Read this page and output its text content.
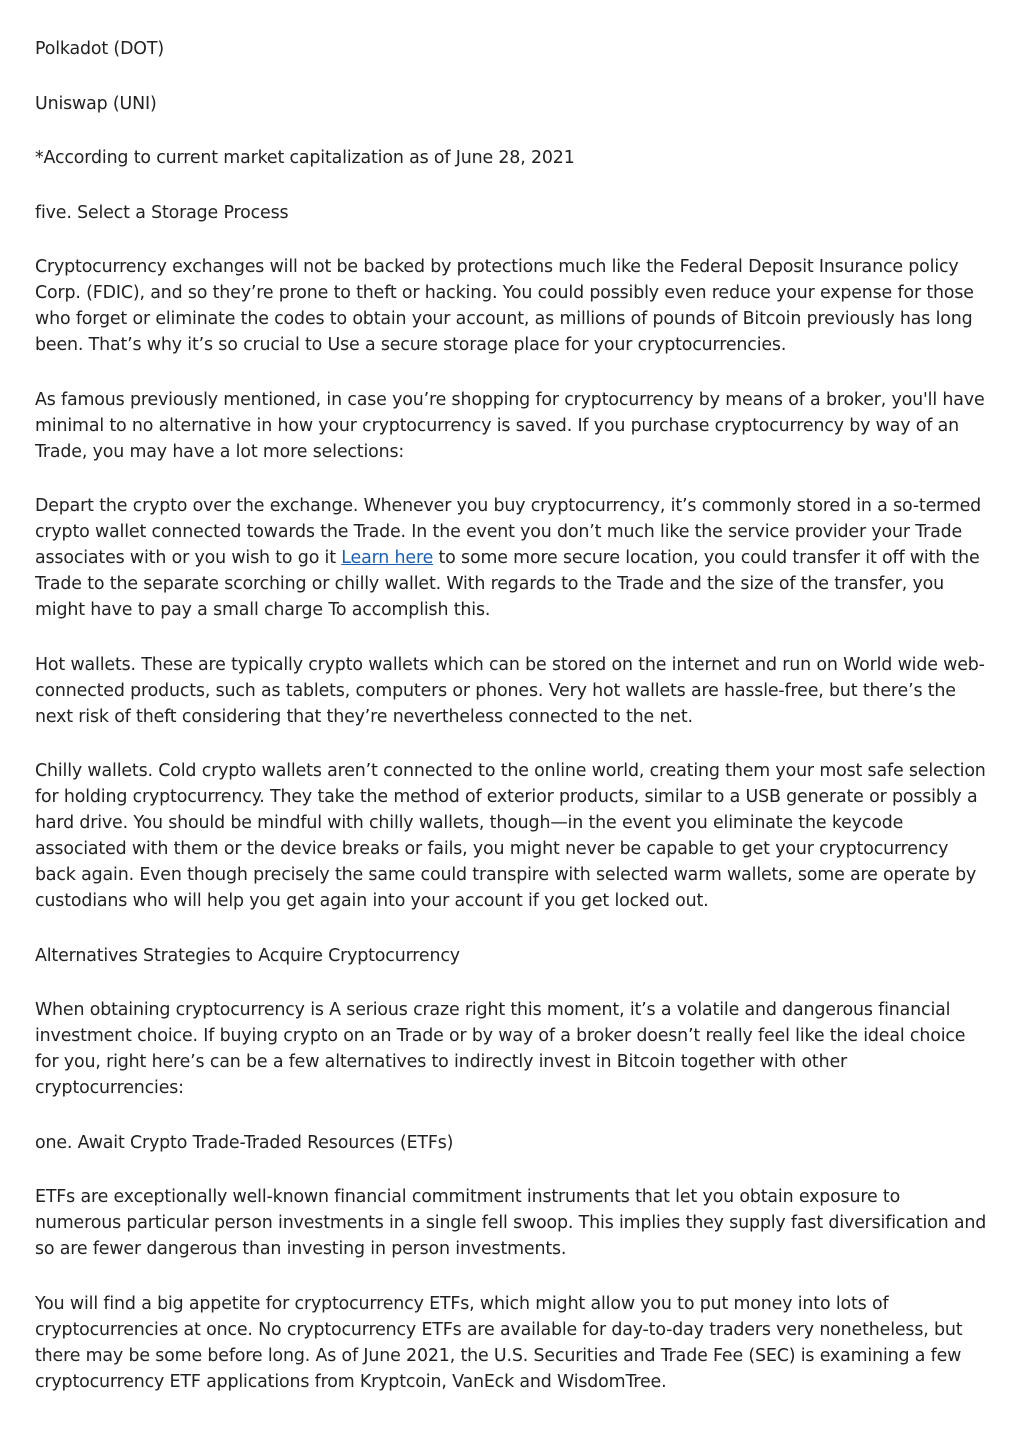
Polkadot (DOT)

Uniswap (UNI)

*According to current market capitalization as of June 28, 2021

five. Select a Storage Process

Cryptocurrency exchanges will not be backed by protections much like the Federal Deposit Insurance policy Corp. (FDIC), and so they’re prone to theft or hacking. You could possibly even reduce your expense for those who forget or eliminate the codes to obtain your account, as millions of pounds of Bitcoin previously has long been. That’s why it’s so crucial to Use a secure storage place for your cryptocurrencies.

As famous previously mentioned, in case you’re shopping for cryptocurrency by means of a broker, you'll have minimal to no alternative in how your cryptocurrency is saved. If you purchase cryptocurrency by way of an Trade, you may have a lot more selections:

Depart the crypto over the exchange. Whenever you buy cryptocurrency, it’s commonly stored in a so-termed crypto wallet connected towards the Trade. In the event you don’t much like the service provider your Trade associates with or you wish to go it Learn here to some more secure location, you could transfer it off with the Trade to the separate scorching or chilly wallet. With regards to the Trade and the size of the transfer, you might have to pay a small charge To accomplish this.

Hot wallets. These are typically crypto wallets which can be stored on the internet and run on World wide web-connected products, such as tablets, computers or phones. Very hot wallets are hassle-free, but there’s the next risk of theft considering that they’re nevertheless connected to the net.

Chilly wallets. Cold crypto wallets aren’t connected to the online world, creating them your most safe selection for holding cryptocurrency. They take the method of exterior products, similar to a USB generate or possibly a hard drive. You should be mindful with chilly wallets, though—in the event you eliminate the keycode associated with them or the device breaks or fails, you might never be capable to get your cryptocurrency back again. Even though precisely the same could transpire with selected warm wallets, some are operate by custodians who will help you get again into your account if you get locked out.

Alternatives Strategies to Acquire Cryptocurrency

When obtaining cryptocurrency is A serious craze right this moment, it’s a volatile and dangerous financial investment choice. If buying crypto on an Trade or by way of a broker doesn’t really feel like the ideal choice for you, right here’s can be a few alternatives to indirectly invest in Bitcoin together with other cryptocurrencies:

one. Await Crypto Trade-Traded Resources (ETFs)

ETFs are exceptionally well-known financial commitment instruments that let you obtain exposure to numerous particular person investments in a single fell swoop. This implies they supply fast diversification and so are fewer dangerous than investing in person investments.

You will find a big appetite for cryptocurrency ETFs, which might allow you to put money into lots of cryptocurrencies at once. No cryptocurrency ETFs are available for day-to-day traders very nonetheless, but there may be some before long. As of June 2021, the U.S. Securities and Trade Fee (SEC) is examining a few cryptocurrency ETF applications from Kryptcoin, VanEck and WisdomTree.
